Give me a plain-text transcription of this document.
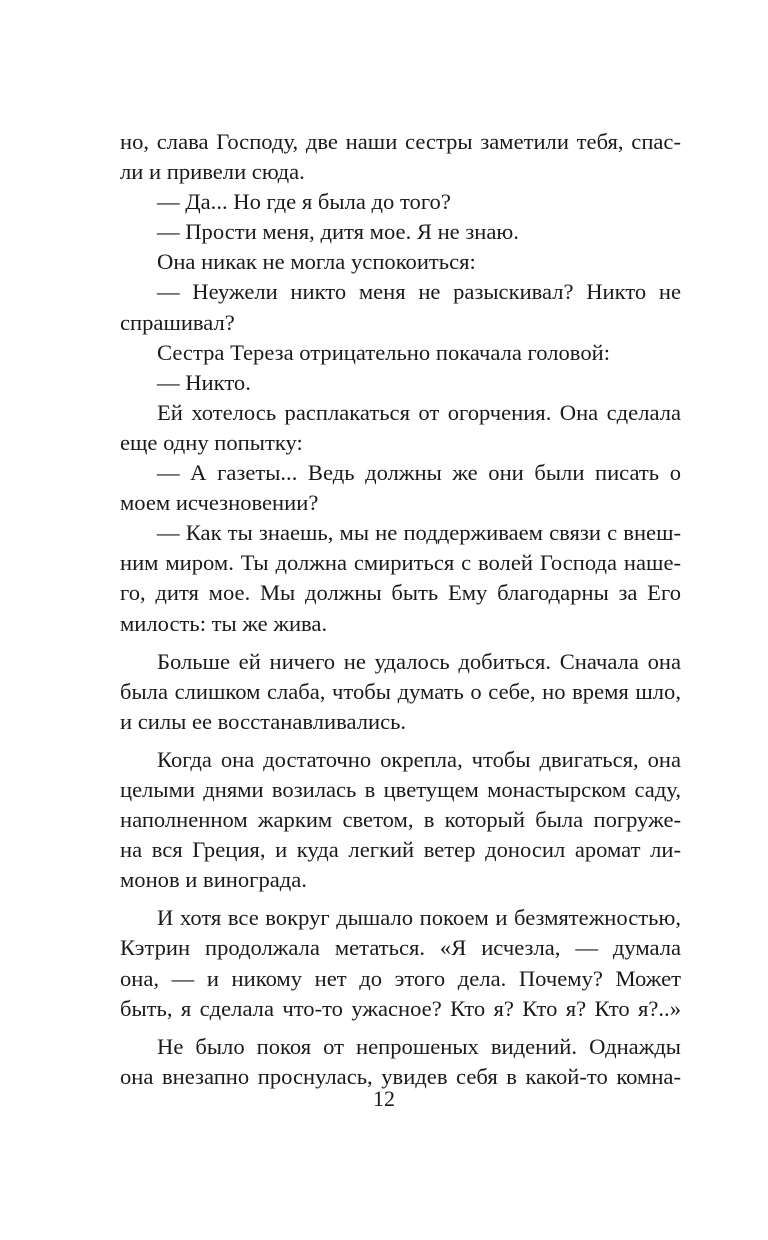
но, слава Господу, две наши сестры заметили тебя, спас-
ли и привели сюда.
— Да... Но где я была до того?
— Прости меня, дитя мое. Я не знаю.
Она никак не могла успокоиться:
— Неужели никто меня не разыскивал? Никто не
спрашивал?
Сестра Тереза отрицательно покачала головой:
— Никто.
Ей хотелось расплакаться от огорчения. Она сделала
еще одну попытку:
— А газеты... Ведь должны же они были писать о
моем исчезновении?
— Как ты знаешь, мы не поддерживаем связи с внеш-
ним миром. Ты должна смириться с волей Господа наше-
го, дитя мое. Мы должны быть Ему благодарны за Его
милость: ты же жива.
Больше ей ничего не удалось добиться. Сначала она
была слишком слаба, чтобы думать о себе, но время шло,
и силы ее восстанавливались.
Когда она достаточно окрепла, чтобы двигаться, она
целыми днями возилась в цветущем монастырском саду,
наполненном жарким светом, в который была погруже-
на вся Греция, и куда легкий ветер доносил аромат ли-
монов и винограда.
И хотя все вокруг дышало покоем и безмятежностью,
Кэтрин продолжала метаться. «Я исчезла, — думала
она, — и никому нет до этого дела. Почему? Может
быть, я сделала что-то ужасное? Кто я? Кто я? Кто я?..»
Не было покоя от непрошеных видений. Однажды
она внезапно проснулась, увидев себя в какой-то комна-
12
